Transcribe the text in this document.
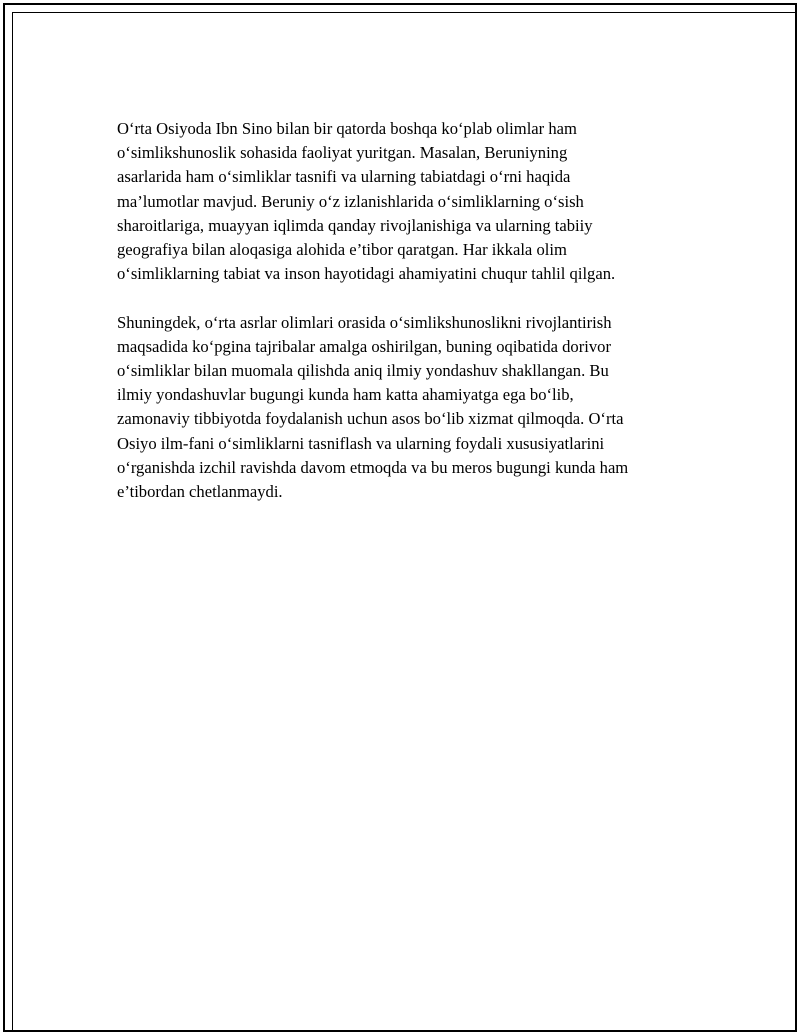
O‘rta Osiyoda Ibn Sino bilan bir qatorda boshqa ko‘plab olimlar ham
o‘simlikshunoslik sohasida faoliyat yuritgan. Masalan, Beruniyning
asarlarida ham o‘simliklar tasnifi va ularning tabiatdagi o‘rni haqida
ma’lumotlar mavjud. Beruniy o‘z izlanishlarida o‘simliklarning o‘sish
sharoitlariga, muayyan iqlimda qanday rivojlanishiga va ularning tabiiy
geografiya bilan aloqasiga alohida e’tibor qaratgan. Har ikkala olim
o‘simliklarning tabiat va inson hayotidagi ahamiyatini chuqur tahlil qilgan.

Shuningdek, o‘rta asrlar olimlari orasida o‘simlikshunoslikni rivojlantirish
maqsadida ko‘pgina tajribalar amalga oshirilgan, buning oqibatida dorivor
o‘simliklar bilan muomala qilishda aniq ilmiy yondashuv shakllangan. Bu
ilmiy yondashuvlar bugungi kunda ham katta ahamiyatga ega bo‘lib,
zamonaviy tibbiyotda foydalanish uchun asos bo‘lib xizmat qilmoqda. O‘rta
Osiyo ilm-fani o‘simliklarni tasniflash va ularning foydali xususiyatlarini
o‘rganishda izchil ravishda davom etmoqda va bu meros bugungi kunda ham
e’tibordan chetlanmaydi.
